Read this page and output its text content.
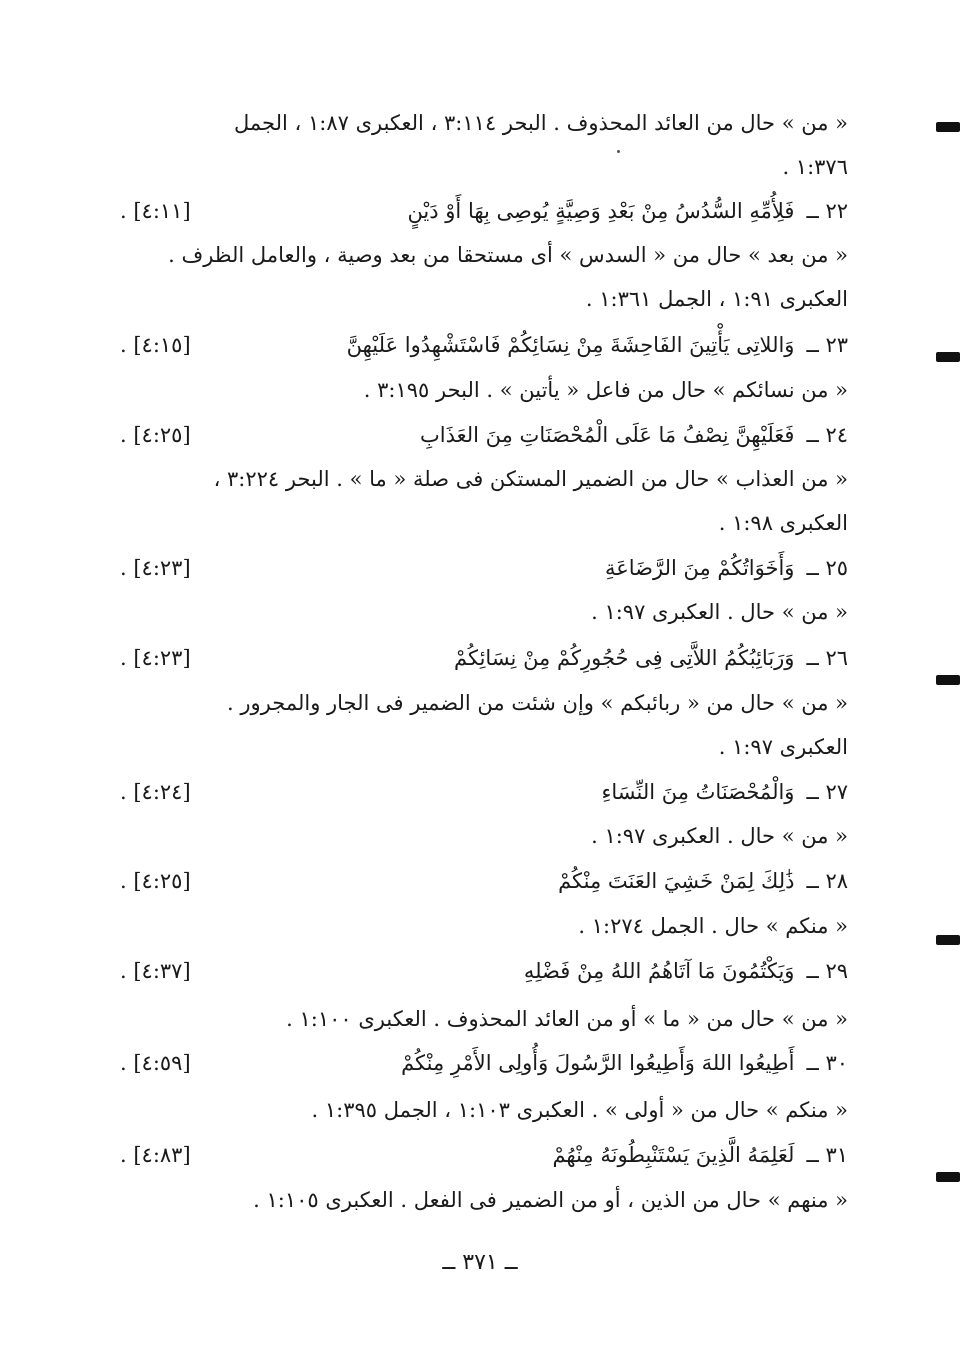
« من » حال من العائد المحذوف . البحر ٣:١١٤ ، العكبرى ١:٨٧ ، الجمل
١:٣٧٦ .
٢٢ ــفَلِأُمِّهِ السُّدُسُ مِنْ بَعْدِ وَصِيَّةٍ يُوصِى بِهَا أَوْ دَيْنٍ
. [٤:١١]
« من بعد » حال من « السدس » أى مستحقا من بعد وصية ، والعامل الظرف .
العكبرى ١:٩١ ، الجمل ١:٣٦١ .
٢٣ ــوَاللاتِى يَأْتِينَ الفَاحِشَةَ مِنْ نِسَائِكُمْ فَاسْتَشْهِدُوا عَلَيْهِنَّ
. [٤:١٥]
« من نسائكم » حال من فاعل « يأتين » . البحر ٣:١٩٥ .
٢٤ ــفَعَلَيْهِنَّ نِصْفُ مَا عَلَى الْمُحْصَنَاتِ مِنَ العَذَابِ
. [٤:٢٥]
« من العذاب » حال من الضمير المستكن فى صلة « ما » . البحر ٣:٢٢٤ ،
العكبرى ١:٩٨ .
٢٥ ــوَأَخَوَاتُكُمْ مِنَ الرَّضَاعَةِ
. [٤:٢٣]
« من » حال . العكبرى ١:٩٧ .
٢٦ ــوَرَبَائِبُكُمُ اللاَّتِى فِى حُجُورِكُمْ مِنْ نِسَائِكُمْ
. [٤:٢٣]
« من » حال من « ربائبكم » وإن شئت من الضمير فى الجار والمجرور .
العكبرى ١:٩٧ .
٢٧ ــوَالْمُحْصَنَاتُ مِنَ النِّسَاءِ
. [٤:٢٤]
« من » حال . العكبرى ١:٩٧ .
٢٨ ــذَٰلِكَ لِمَنْ خَشِيَ العَنَتَ مِنْكُمْ
. [٤:٢٥]
« منكم » حال . الجمل ١:٢٧٤ .
٢٩ ــوَيَكْتُمُونَ مَا آتَاهُمُ اللهُ مِنْ فَضْلِهِ
. [٤:٣٧]
« من » حال من « ما » أو من العائد المحذوف . العكبرى ١:١٠٠ .
٣٠ ــأَطِيعُوا اللهَ وَأَطِيعُوا الرَّسُولَ وَأُولِى الأَمْرِ مِنْكُمْ
. [٤:٥٩]
« منكم » حال من « أولى » . العكبرى ١:١٠٣ ، الجمل ١:٣٩٥ .
٣١ ــلَعَلِمَهُ الَّذِينَ يَسْتَنْبِطُونَهُ مِنْهُمْ
. [٤:٨٣]
« منهم » حال من الذين ، أو من الضمير فى الفعل . العكبرى ١:١٠٥ .
ــ ٣٧١ ــ
